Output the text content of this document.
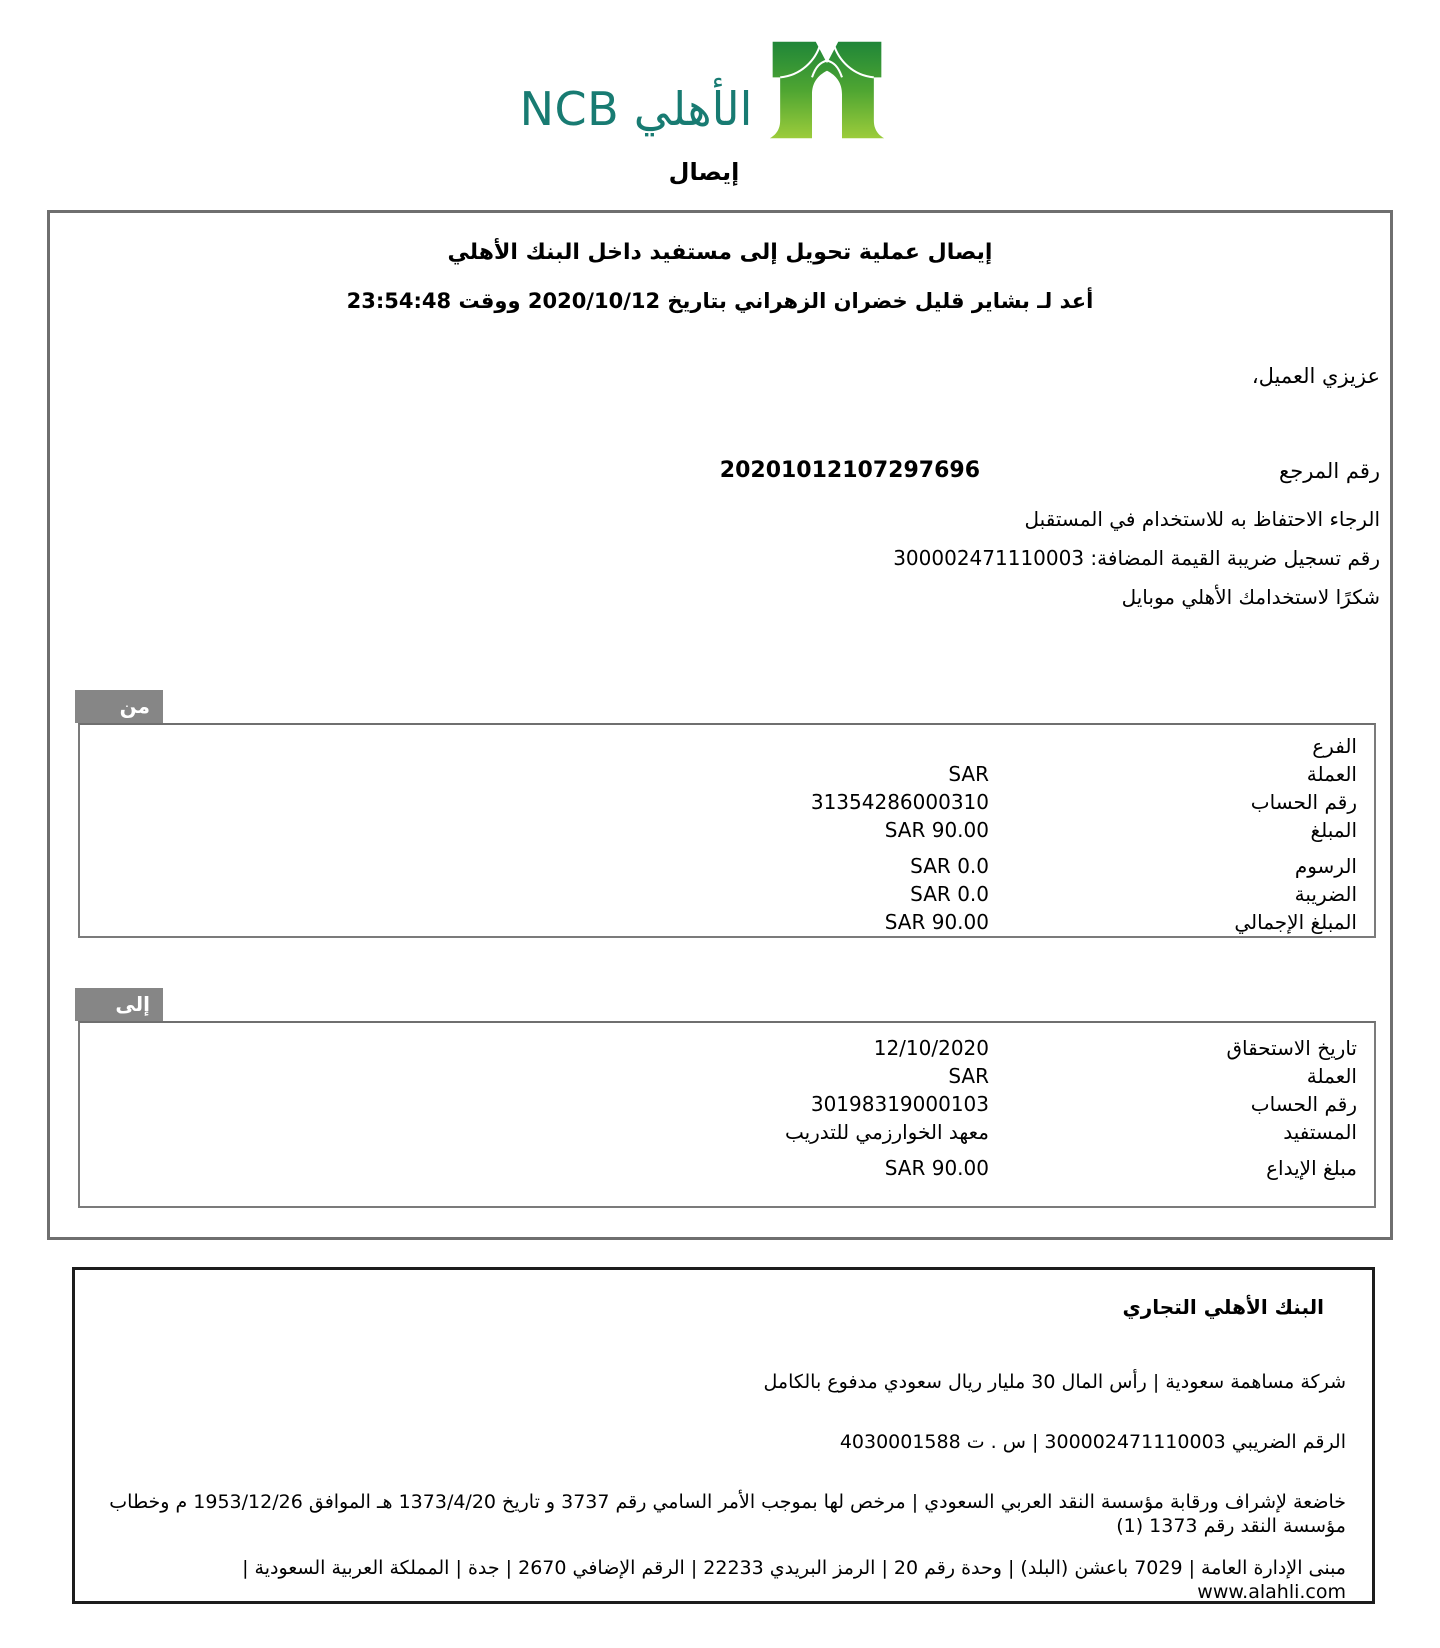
الأهلي NCB
إيصال
إيصال عملية تحويل إلى مستفيد داخل البنك الأهلي
أعد لـ بشاير قليل خضران الزهراني بتاريخ 2020/10/12 ووقت 23:54:48
عزيزي العميل،
رقم المرجع
20201012107297696
الرجاء الاحتفاظ به للاستخدام في المستقبل
رقم تسجيل ضريبة القيمة المضافة: 300002471110003
شكرًا لاستخدامك الأهلي موبايل
من
الفرع
العملة
SAR
رقم الحساب
31354286000310
المبلغ
90.00 SAR
الرسوم
0.0 SAR
الضريبة
0.0 SAR
المبلغ الإجمالي
90.00 SAR
إلى
تاريخ الاستحقاق
12/10/2020
العملة
SAR
رقم الحساب
30198319000103
المستفيد
معهد الخوارزمي للتدريب
مبلغ الإيداع
90.00 SAR
البنك الأهلي التجاري
شركة مساهمة سعودية | رأس المال 30 مليار ريال سعودي مدفوع بالكامل
الرقم الضريبي 300002471110003 | س . ت 4030001588
خاضعة لإشراف ورقابة مؤسسة النقد العربي السعودي | مرخص لها بموجب الأمر السامي رقم 3737 و تاريخ 1373/4/20 هـ الموافق 1953/12/26 م وخطاب مؤسسة النقد رقم 1373 (1)
مبنى الإدارة العامة | 7029 باعشن (البلد) | وحدة رقم 20 | الرمز البريدي 22233 | الرقم الإضافي 2670 | جدة | المملكة العربية السعودية | www.alahli.com
